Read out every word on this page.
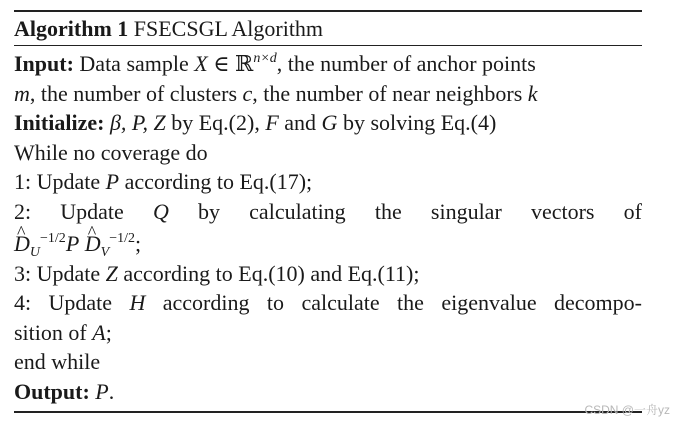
Algorithm 1 FSECSGL Algorithm
Input: Data sample X ∈ ℝ$^{n\times d}$, the number of anchor points
m, the number of clusters c, the number of near neighbors k
Initialize: β, P, Z by Eq.(2), F and G by solving Eq.(4)
While no coverage do
1: Update P according to Eq.(17);
2: Update Q by calculating the singular vectors of
^ $D_U^{-1/2}P$ ^ $D_V^{-1/2}$;
3: Update Z according to Eq.(10) and Eq.(11);
4: Update H according to calculate the eigenvalue decompo-
sition of A;
end while
Output: P.
CSDN @一舟yz
